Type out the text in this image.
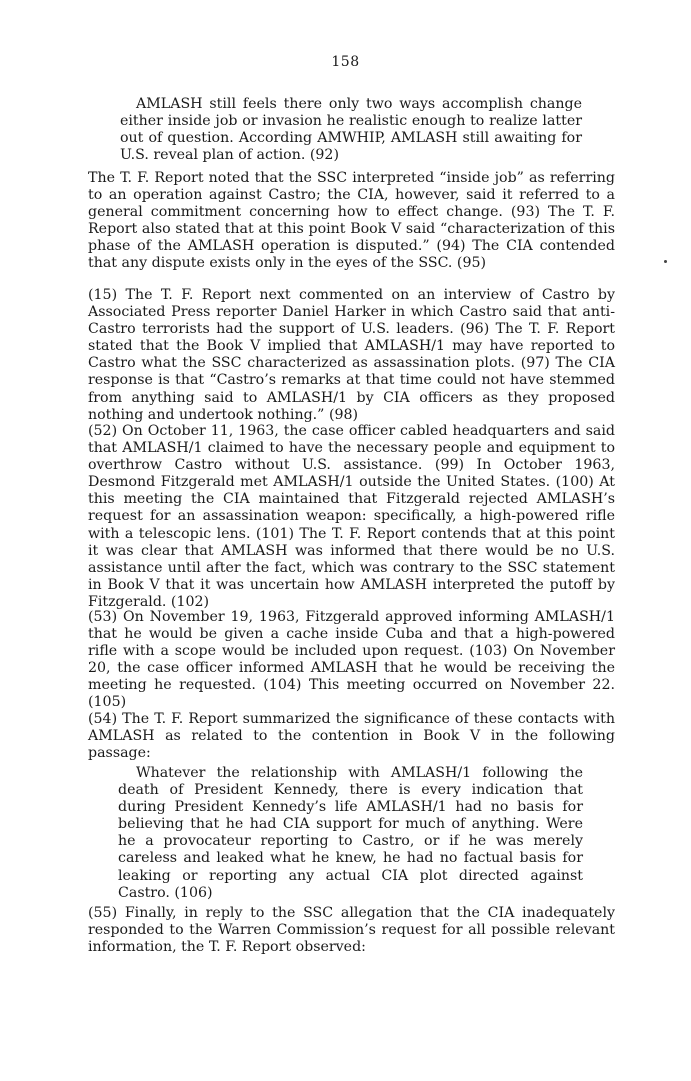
158

AMLASH still feels there only two ways accomplish change either inside job or invasion he realistic enough to realize latter out of question. According AMWHIP, AMLASH still awaiting for U.S. reveal plan of action. (92)

The T. F. Report noted that the SSC interpreted “inside job” as referring to an operation against Castro; the CIA, however, said it referred to a general commitment concerning how to effect change. (93) The T. F. Report also stated that at this point Book V said “characterization of this phase of the AMLASH operation is disputed.” (94) The CIA contended that any dispute exists only in the eyes of the SSC. (95)

(15) The T. F. Report next commented on an interview of Castro by Associated Press reporter Daniel Harker in which Castro said that anti-Castro terrorists had the support of U.S. leaders. (96) The T. F. Report stated that the Book V implied that AMLASH/1 may have reported to Castro what the SSC characterized as assassination plots. (97) The CIA response is that “Castro’s remarks at that time could not have stemmed from anything said to AMLASH/1 by CIA officers as they proposed nothing and undertook nothing.” (98)

(52) On October 11, 1963, the case officer cabled headquarters and said that AMLASH/1 claimed to have the necessary people and equipment to overthrow Castro without U.S. assistance. (99) In October 1963, Desmond Fitzgerald met AMLASH/1 outside the United States. (100) At this meeting the CIA maintained that Fitzgerald rejected AMLASH’s request for an assassination weapon: specifically, a high-powered rifle with a telescopic lens. (101) The T. F. Report contends that at this point it was clear that AMLASH was informed that there would be no U.S. assistance until after the fact, which was contrary to the SSC statement in Book V that it was uncertain how AMLASH interpreted the putoff by Fitzgerald. (102)

(53) On November 19, 1963, Fitzgerald approved informing AMLASH/1 that he would be given a cache inside Cuba and that a high-powered rifle with a scope would be included upon request. (103) On November 20, the case officer informed AMLASH that he would be receiving the meeting he requested. (104) This meeting occurred on November 22. (105)

(54) The T. F. Report summarized the significance of these contacts with AMLASH as related to the contention in Book V in the following passage:

Whatever the relationship with AMLASH/1 following the death of President Kennedy, there is every indication that during President Kennedy’s life AMLASH/1 had no basis for believing that he had CIA support for much of anything. Were he a provocateur reporting to Castro, or if he was merely careless and leaked what he knew, he had no factual basis for leaking or reporting any actual CIA plot directed against Castro. (106)

(55) Finally, in reply to the SSC allegation that the CIA inadequately responded to the Warren Commission’s request for all possible relevant information, the T. F. Report observed:
